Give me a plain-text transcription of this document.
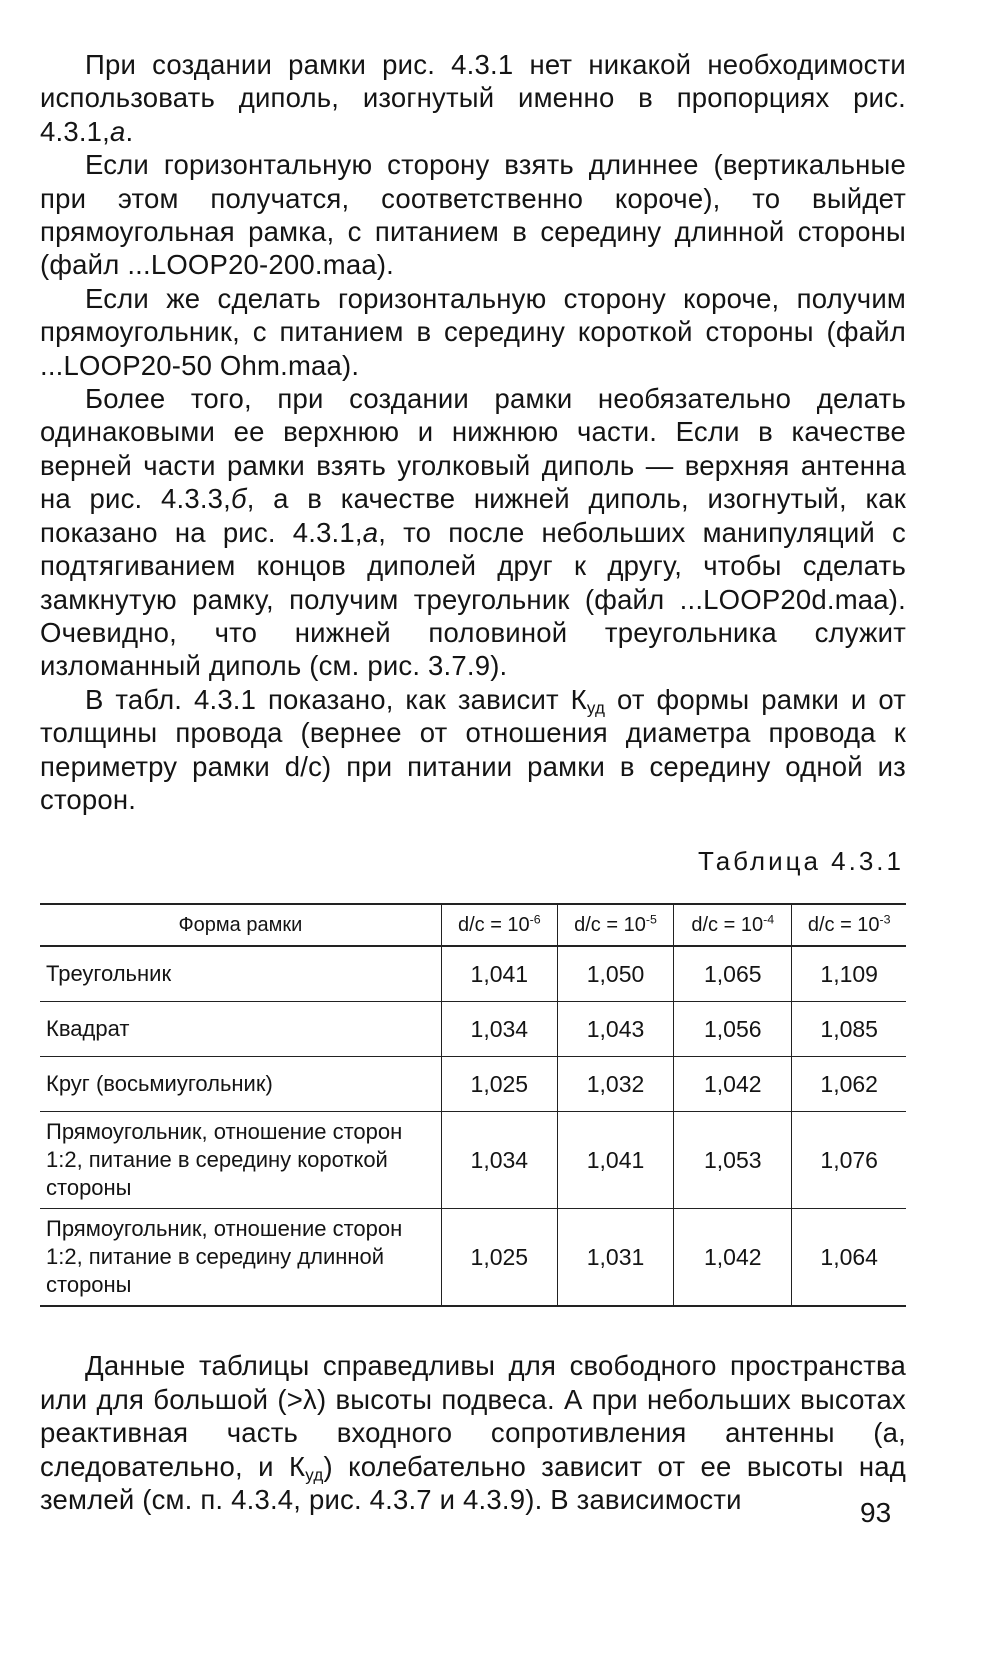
При создании рамки рис. 4.3.1 нет никакой необходимости использовать диполь, изогнутый именно в пропорциях рис. 4.3.1,а.

Если горизонтальную сторону взять длиннее (вертикальные при этом получатся, соответственно короче), то выйдет прямоугольная рамка, с питанием в середину длинной стороны (файл ...LOOP20-200.maa).

Если же сделать горизонтальную сторону короче, получим прямоугольник, с питанием в середину короткой стороны (файл ...LOOP20-50 Ohm.maa).

Более того, при создании рамки необязательно делать одинаковыми ее верхнюю и нижнюю части. Если в качестве верней части рамки взять уголковый диполь — верхняя антенна на рис. 4.3.3,б, а в качестве нижней диполь, изогнутый, как показано на рис. 4.3.1,а, то после небольших манипуляций с подтягиванием концов диполей друг к другу, чтобы сделать замкнутую рамку, получим треугольник (файл ...LOOP20d.maa). Очевидно, что нижней половиной треугольника служит изломанный диполь (см. рис. 3.7.9).

В табл. 4.3.1 показано, как зависит $К_{уд}$ от формы рамки и от толщины провода (вернее от отношения диаметра провода к периметру рамки d/c) при питании рамки в середину одной из сторон.

Таблица 4.3.1
Форма рамки	$d/c = 10^{-6}$	$d/c = 10^{-5}$	$d/c = 10^{-4}$	$d/c = 10^{-3}$
Треугольник	1,041	1,050	1,065	1,109
Квадрат	1,034	1,043	1,056	1,085
Круг (восьмиугольник)	1,025	1,032	1,042	1,062
Прямоугольник, отношение сторон 1:2, питание в середину короткой стороны	1,034	1,041	1,053	1,076
Прямоугольник, отношение сторон 1:2, питание в середину длинной стороны	1,025	1,031	1,042	1,064

Данные таблицы справедливы для свободного пространства или для большой (>λ) высоты подвеса. А при небольших высотах реактивная часть входного сопротивления антенны (а, следовательно, и $К_{уд}$) колебательно зависит от ее высоты над землей (см. п. 4.3.4, рис. 4.3.7 и 4.3.9). В зависимости	93
